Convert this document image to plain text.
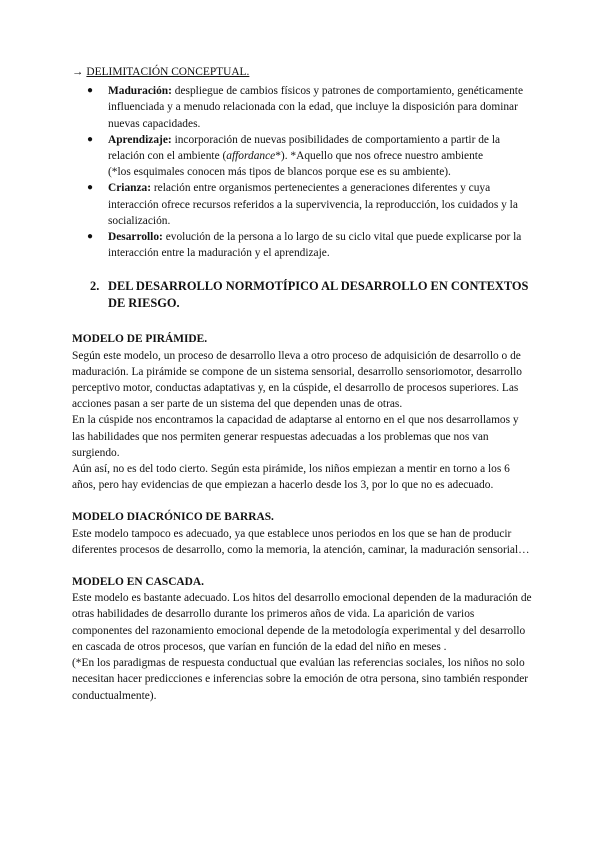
→ DELIMITACIÓN CONCEPTUAL.
● Maduración: despliegue de cambios físicos y patrones de comportamiento, genéticamente influenciada y a menudo relacionada con la edad, que incluye la disposición para dominar nuevas capacidades.
● Aprendizaje: incorporación de nuevas posibilidades de comportamiento a partir de la relación con el ambiente (affordance*). *Aquello que nos ofrece nuestro ambiente

(*los esquimales conocen más tipos de blancos porque ese es su ambiente).

● Crianza: relación entre organismos pertenecientes a generaciones diferentes y cuya interacción ofrece recursos referidos a la supervivencia, la reproducción, los cuidados y la socialización.
● Desarrollo: evolución de la persona a lo largo de su ciclo vital que puede explicarse por la interacción entre la maduración y el aprendizaje.
2. DEL DESARROLLO NORMOTÍPICO AL DESARROLLO EN CONTEXTOS DE RIESGO.
MODELO DE PIRÁMIDE.

Según este modelo, un proceso de desarrollo lleva a otro proceso de adquisición de desarrollo o de maduración. La pirámide se compone de un sistema sensorial, desarrollo sensoriomotor, desarrollo perceptivo motor, conductas adaptativas y, en la cúspide, el desarrollo de procesos superiores. Las acciones pasan a ser parte de un sistema del que dependen unas de otras.

En la cúspide nos encontramos la capacidad de adaptarse al entorno en el que nos desarrollamos y las habilidades que nos permiten generar respuestas adecuadas a los problemas que nos van surgiendo.

Aún así, no es del todo cierto. Según esta pirámide, los niños empiezan a mentir en torno a los 6 años, pero hay evidencias de que empiezan a hacerlo desde los 3, por lo que no es adecuado.

MODELO DIACRÓNICO DE BARRAS.

Este modelo tampoco es adecuado, ya que establece unos periodos en los que se han de producir diferentes procesos de desarrollo, como la memoria, la atención, caminar, la maduración sensorial…

MODELO EN CASCADA.

Este modelo es bastante adecuado. Los hitos del desarrollo emocional dependen de la maduración de otras habilidades de desarrollo durante los primeros años de vida. La aparición de varios componentes del razonamiento emocional depende de la metodología experimental y del desarrollo en cascada de otros procesos, que varían en función de la edad del niño en meses .

(*En los paradigmas de respuesta conductual que evalúan las referencias sociales, los niños no solo necesitan hacer predicciones e inferencias sobre la emoción de otra persona, sino también responder conductualmente).
